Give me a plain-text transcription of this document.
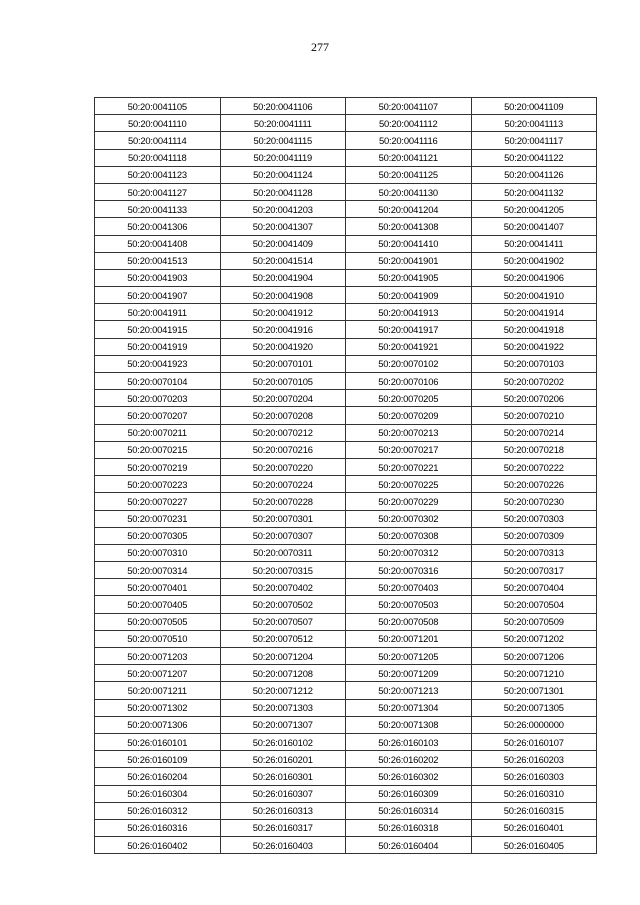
277
50:20:0041105	50:20:0041106	50:20:0041107	50:20:0041109
50:20:0041110	50:20:0041111	50:20:0041112	50:20:0041113
50:20:0041114	50:20:0041115	50:20:0041116	50:20:0041117
50:20:0041118	50:20:0041119	50:20:0041121	50:20:0041122
50:20:0041123	50:20:0041124	50:20:0041125	50:20:0041126
50:20:0041127	50:20:0041128	50:20:0041130	50:20:0041132
50:20:0041133	50:20:0041203	50:20:0041204	50:20:0041205
50:20:0041306	50:20:0041307	50:20:0041308	50:20:0041407
50:20:0041408	50:20:0041409	50:20:0041410	50:20:0041411
50:20:0041513	50:20:0041514	50:20:0041901	50:20:0041902
50:20:0041903	50:20:0041904	50:20:0041905	50:20:0041906
50:20:0041907	50:20:0041908	50:20:0041909	50:20:0041910
50:20:0041911	50:20:0041912	50:20:0041913	50:20:0041914
50:20:0041915	50:20:0041916	50:20:0041917	50:20:0041918
50:20:0041919	50:20:0041920	50:20:0041921	50:20:0041922
50:20:0041923	50:20:0070101	50:20:0070102	50:20:0070103
50:20:0070104	50:20:0070105	50:20:0070106	50:20:0070202
50:20:0070203	50:20:0070204	50:20:0070205	50:20:0070206
50:20:0070207	50:20:0070208	50:20:0070209	50:20:0070210
50:20:0070211	50:20:0070212	50:20:0070213	50:20:0070214
50:20:0070215	50:20:0070216	50:20:0070217	50:20:0070218
50:20:0070219	50:20:0070220	50:20:0070221	50:20:0070222
50:20:0070223	50:20:0070224	50:20:0070225	50:20:0070226
50:20:0070227	50:20:0070228	50:20:0070229	50:20:0070230
50:20:0070231	50:20:0070301	50:20:0070302	50:20:0070303
50:20:0070305	50:20:0070307	50:20:0070308	50:20:0070309
50:20:0070310	50:20:0070311	50:20:0070312	50:20:0070313
50:20:0070314	50:20:0070315	50:20:0070316	50:20:0070317
50:20:0070401	50:20:0070402	50:20:0070403	50:20:0070404
50:20:0070405	50:20:0070502	50:20:0070503	50:20:0070504
50:20:0070505	50:20:0070507	50:20:0070508	50:20:0070509
50:20:0070510	50:20:0070512	50:20:0071201	50:20:0071202
50:20:0071203	50:20:0071204	50:20:0071205	50:20:0071206
50:20:0071207	50:20:0071208	50:20:0071209	50:20:0071210
50:20:0071211	50:20:0071212	50:20:0071213	50:20:0071301
50:20:0071302	50:20:0071303	50:20:0071304	50:20:0071305
50:20:0071306	50:20:0071307	50:20:0071308	50:26:0000000
50:26:0160101	50:26:0160102	50:26:0160103	50:26:0160107
50:26:0160109	50:26:0160201	50:26:0160202	50:26:0160203
50:26:0160204	50:26:0160301	50:26:0160302	50:26:0160303
50:26:0160304	50:26:0160307	50:26:0160309	50:26:0160310
50:26:0160312	50:26:0160313	50:26:0160314	50:26:0160315
50:26:0160316	50:26:0160317	50:26:0160318	50:26:0160401
50:26:0160402	50:26:0160403	50:26:0160404	50:26:0160405
